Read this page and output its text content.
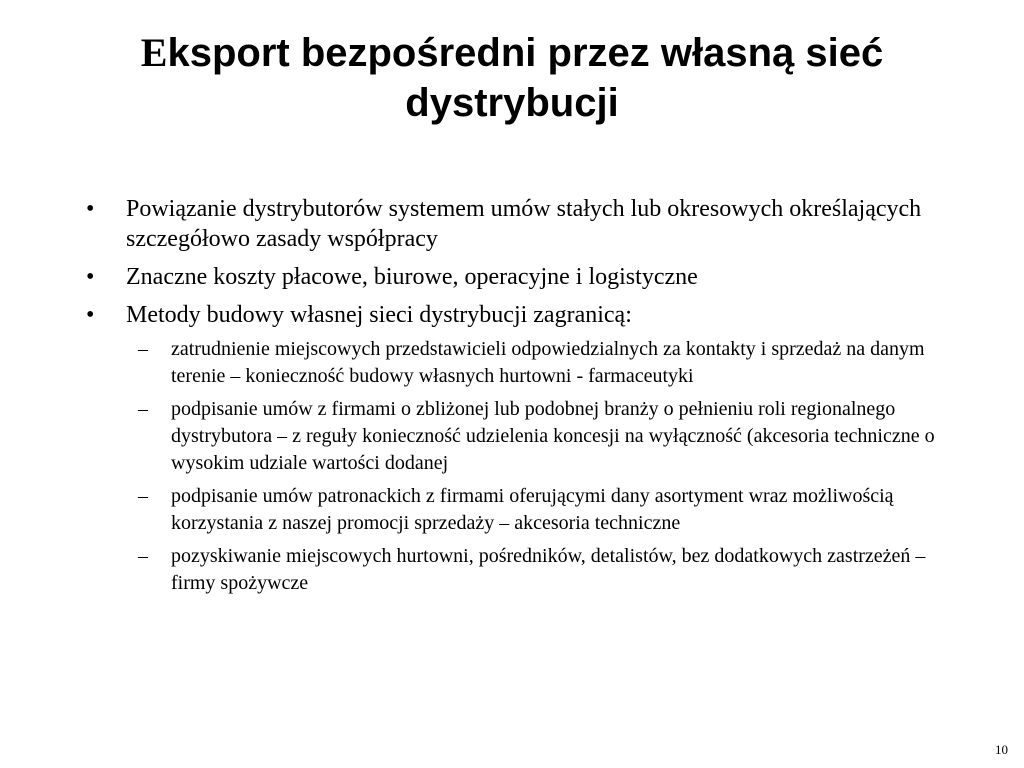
Eksport bezpośredni przez własną sieć dystrybucji
•	Powiązanie dystrybutorów systemem umów stałych lub okresowych określających szczegółowo zasady współpracy
•	Znaczne koszty płacowe, biurowe, operacyjne i logistyczne
•	Metody budowy własnej sieci dystrybucji zagranicą:
–	zatrudnienie miejscowych przedstawicieli odpowiedzialnych za kontakty i sprzedaż na danym terenie – konieczność budowy własnych hurtowni - farmaceutyki
–	podpisanie umów z firmami o zbliżonej lub podobnej branży o pełnieniu roli regionalnego dystrybutora – z reguły konieczność udzielenia koncesji na wyłączność (akcesoria techniczne o wysokim udziale wartości dodanej
–	podpisanie umów patronackich z firmami oferującymi dany asortyment wraz możliwością korzystania z naszej promocji sprzedaży – akcesoria techniczne
–	pozyskiwanie miejscowych hurtowni, pośredników, detalistów, bez dodatkowych zastrzeżeń – firmy spożywcze
10
